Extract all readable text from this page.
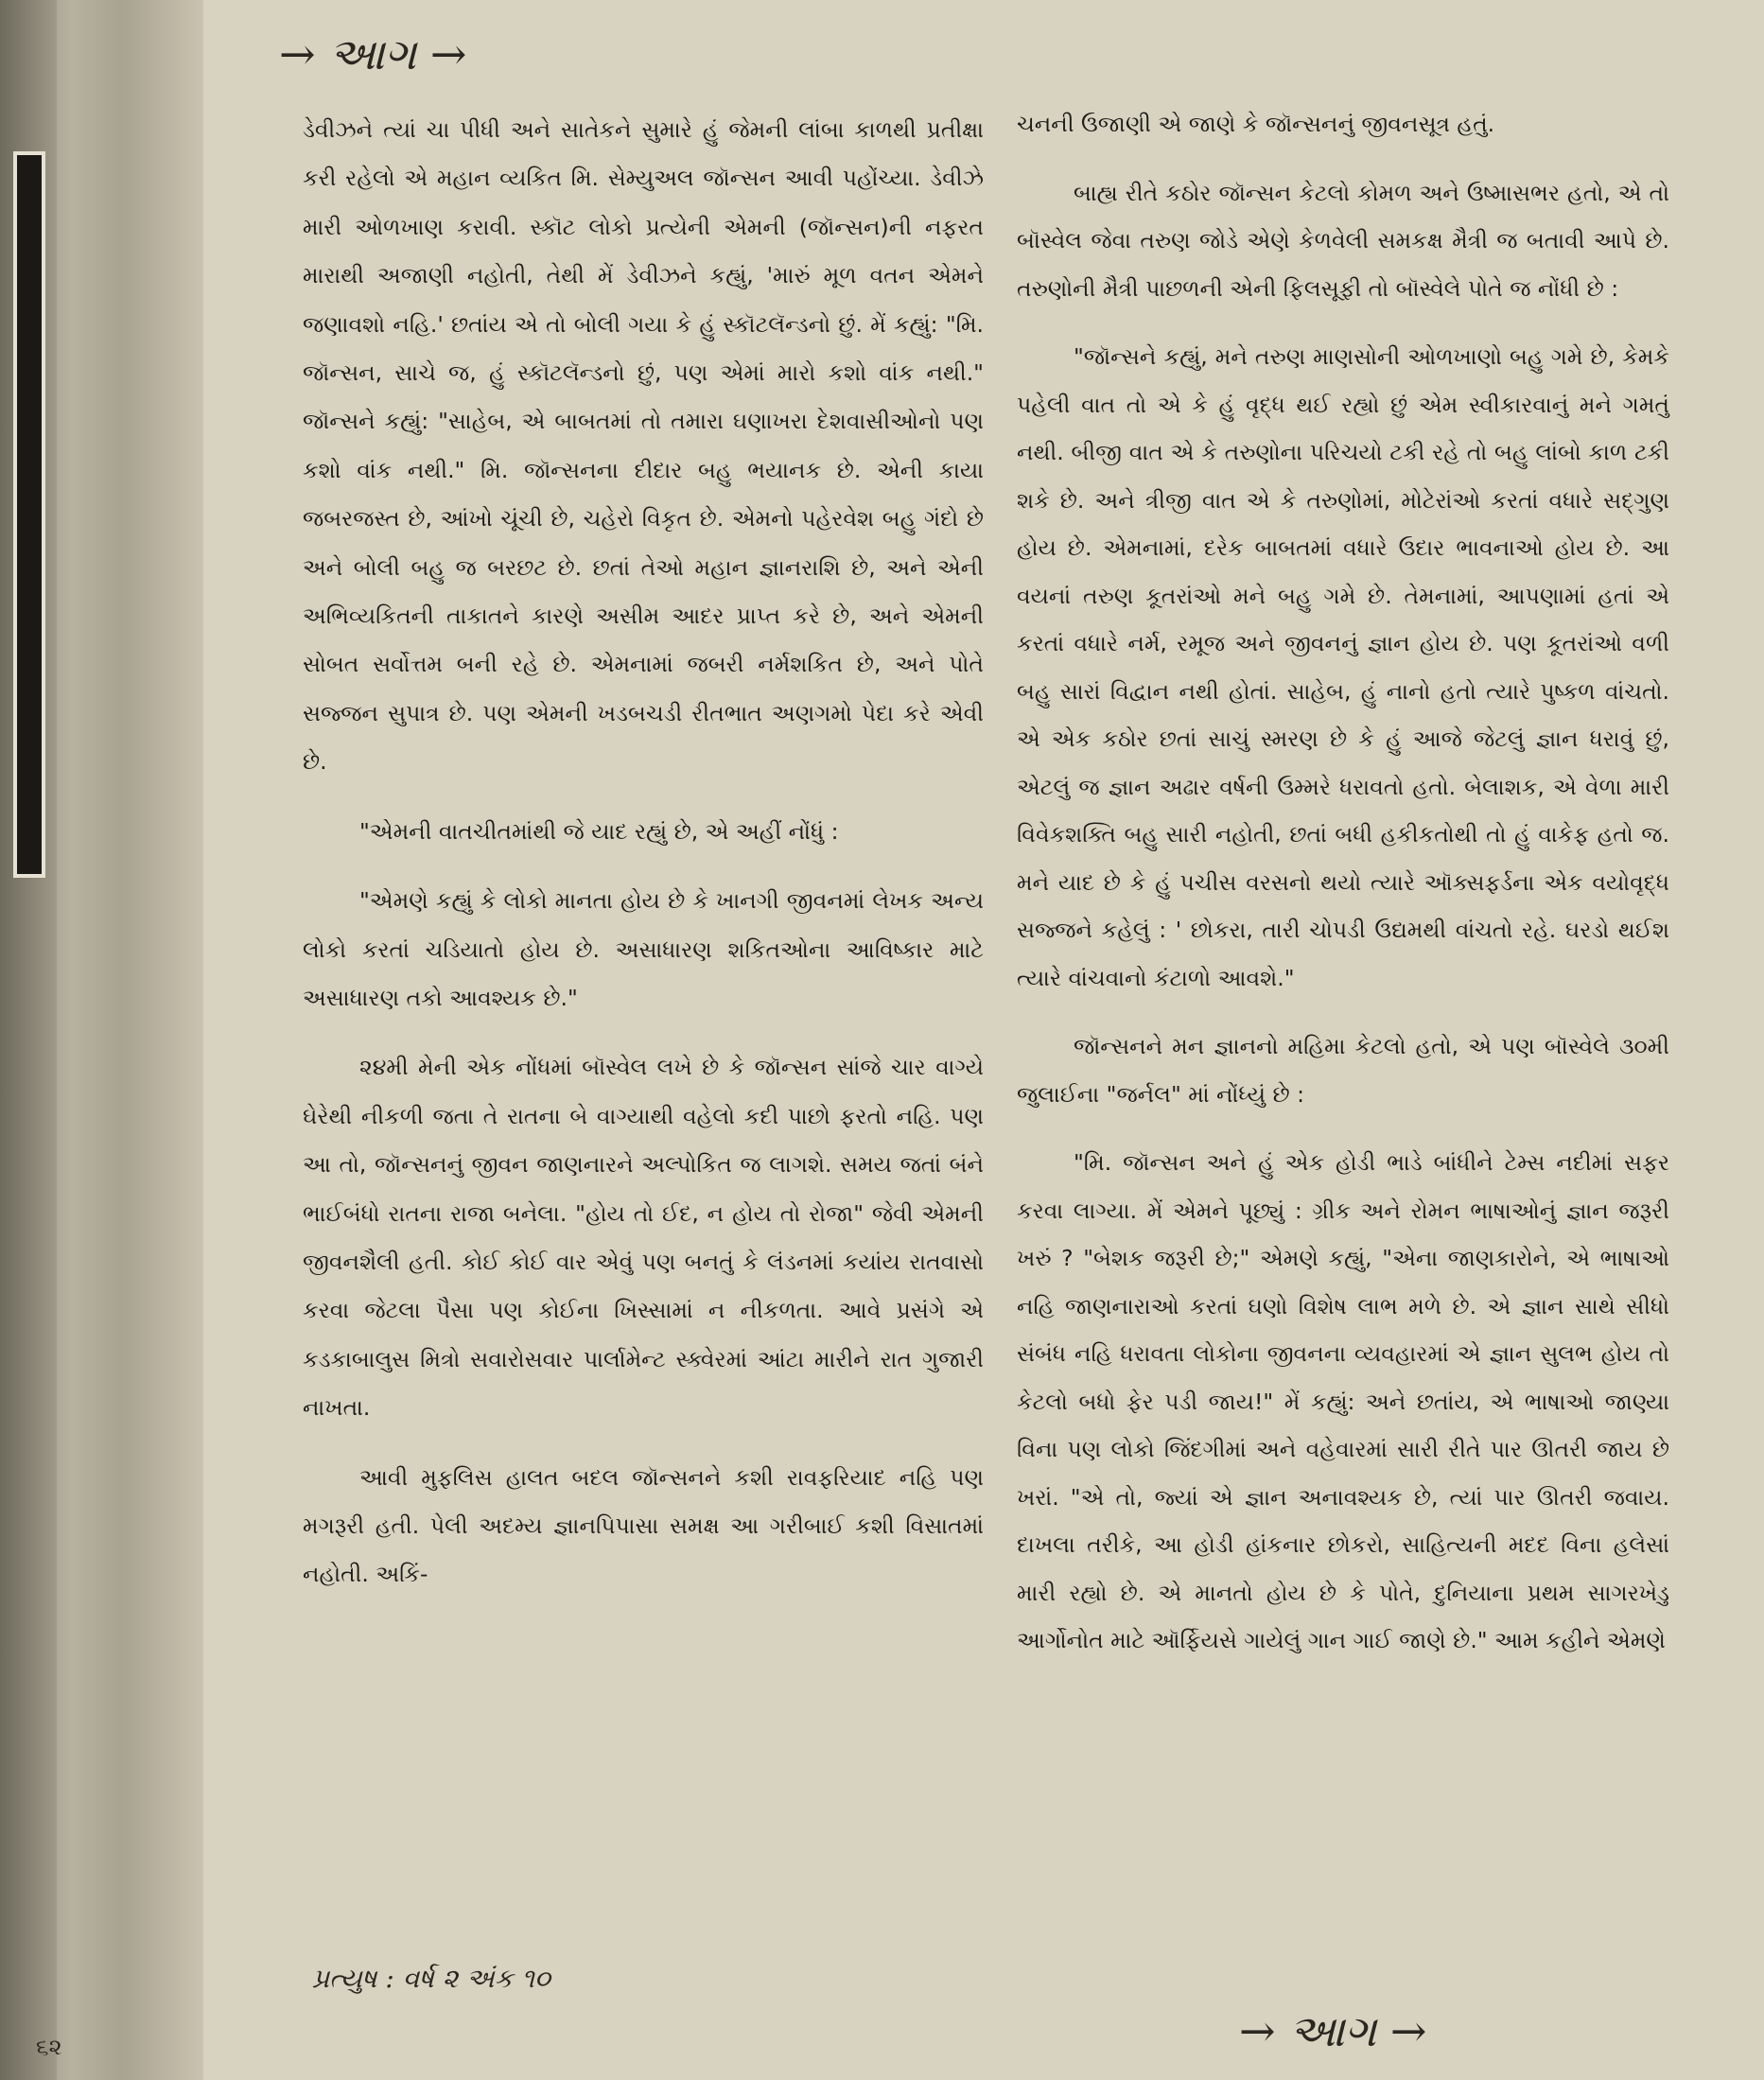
→ આગ →

ડેવીઝને ત્યાં ચા પીધી અને સાતેકને સુમારે હું જેમની લાંબા કાળથી પ્રતીક્ષા કરી રહેલો એ મહાન વ્યકિત મિ. સેમ્યુઅલ જૉન્સન આવી પહોંચ્યા. ડેવીઝે મારી ઓળખાણ કરાવી. સ્કૉટ લોકો પ્રત્યેની એમની (જૉન્સન)ની નફરત મારાથી અજાણી નહોતી, તેથી મેં ડેવીઝને કહ્યું, 'મારું મૂળ વતન એમને જણાવશો નહિ.' છતાંય એ તો બોલી ગયા કે હું સ્કૉટલૅન્ડનો છું. મેં કહ્યું: "મિ. જૉન્સન, સાચે જ, હું સ્કૉટલૅન્ડનો છું, પણ એમાં મારો કશો વાંક નથી." જૉન્સને કહ્યું: "સાહેબ, એ બાબતમાં તો તમારા ઘણાખરા દેશવાસીઓનો પણ કશો વાંક નથી." મિ. જૉન્સનના દીદાર બહુ ભયાનક છે. એની કાયા જબરજસ્ત છે, આંખો ચૂંચી છે, ચહેરો વિકૃત છે. એમનો પહેરવેશ બહુ ગંદો છે અને બોલી બહુ જ બરછટ છે. છતાં તેઓ મહાન જ્ઞાનરાશિ છે, અને એની અભિવ્યકિતની તાકાતને કારણે અસીમ આદર પ્રાપ્ત કરે છે, અને એમની સોબત સર્વોત્તમ બની રહે છે. એમનામાં જબરી નર્મશકિત છે, અને પોતે સજ્જન સુપાત્ર છે. પણ એમની ખડબચડી રીતભાત અણગમો પેદા કરે એવી છે.

"એમની વાતચીતમાંથી જે યાદ રહ્યું છે, એ અહીં નોંધું :

"એમણે કહ્યું કે લોકો માનતા હોય છે કે ખાનગી જીવનમાં લેખક અન્ય લોકો કરતાં ચડિયાતો હોય છે. અસાધારણ શકિતઓના આવિષ્કાર માટે અસાધારણ તકો આવશ્યક છે."

૨૪મી મેની એક નોંધમાં બૉસ્વેલ લખે છે કે જૉન્સન સાંજે ચાર વાગ્યે ઘેરેથી નીકળી જતા તે રાતના બે વાગ્યાથી વહેલો કદી પાછો ફરતો નહિ. પણ આ તો, જૉન્સનનું જીવન જાણનારને અલ્પોકિત જ લાગશે. સમય જતાં બંને ભાઈબંધો રાતના રાજા બનેલા. "હોય તો ઈદ, ન હોય તો રોજા" જેવી એમની જીવનશૈલી હતી. કોઈ કોઈ વાર એવું પણ બનતું કે લંડનમાં કયાંય રાતવાસો કરવા જેટલા પૈસા પણ કોઈના ખિસ્સામાં ન નીકળતા. આવે પ્રસંગે એ કડકાબાલુસ મિત્રો સવારોસવાર પાર્લામેન્ટ સ્ક્વેરમાં આંટા મારીને રાત ગુજારી નાખતા.

આવી મુફલિસ હાલત બદલ જૉન્સનને કશી રાવફરિયાદ નહિ પણ મગરૂરી હતી. પેલી અદમ્ય જ્ઞાનપિપાસા સમક્ષ આ ગરીબાઈ કશી વિસાતમાં નહોતી. અકિં-

ચનની ઉજાણી એ જાણે કે જૉન્સનનું જીવનસૂત્ર હતું.

બાહ્ય રીતે કઠોર જૉન્સન કેટલો કોમળ અને ઉષ્માસભર હતો, એ તો બૉસ્વેલ જેવા તરુણ જોડે એણે કેળવેલી સમકક્ષ મૈત્રી જ બતાવી આપે છે. તરુણોની મૈત્રી પાછળની એની ફિલસૂફી તો બૉસ્વેલે પોતે જ નોંધી છે :

"જૉન્સને કહ્યું, મને તરુણ માણસોની ઓળખાણો બહુ ગમે છે, કેમકે પહેલી વાત તો એ કે હું વૃદ્ધ થઈ રહ્યો છું એમ સ્વીકારવાનું મને ગમતું નથી. બીજી વાત એ કે તરુણોના પરિચયો ટકી રહે તો બહુ લાંબો કાળ ટકી શકે છે. અને ત્રીજી વાત એ કે તરુણોમાં, મોટેરાંઓ કરતાં વધારે સદ્ગુણ હોય છે. એમનામાં, દરેક બાબતમાં વધારે ઉદાર ભાવનાઓ હોય છે. આ વયનાં તરુણ કૂતરાંઓ મને બહુ ગમે છે. તેમનામાં, આપણામાં હતાં એ કરતાં વધારે નર્મ, રમૂજ અને જીવનનું જ્ઞાન હોય છે. પણ કૂતરાંઓ વળી બહુ સારાં વિદ્વાન નથી હોતાં. સાહેબ, હું નાનો હતો ત્યારે પુષ્કળ વાંચતો. એ એક કઠોર છતાં સાચું સ્મરણ છે કે હું આજે જેટલું જ્ઞાન ધરાવું છું, એટલું જ જ્ઞાન અઢાર વર્ષની ઉમ્મરે ધરાવતો હતો. બેલાશક, એ વેળા મારી વિવેકશક્તિ બહુ સારી નહોતી, છતાં બધી હકીકતોથી તો હું વાકેફ હતો જ. મને યાદ છે કે હું પચીસ વરસનો થયો ત્યારે ઑક્સફર્ડના એક વયોવૃદ્ધ સજ્જને કહેલું : ' છોકરા, તારી ચોપડી ઉદ્યમથી વાંચતો રહે. ઘરડો થઈશ ત્યારે વાંચવાનો કંટાળો આવશે."

જૉન્સનને મન જ્ઞાનનો મહિમા કેટલો હતો, એ પણ બૉસ્વેલે ૩૦મી જુલાઈના "જર્નલ" માં નોંધ્યું છે :

"મિ. જૉન્સન અને હું એક હોડી ભાડે બાંધીને ટેમ્સ નદીમાં સફર કરવા લાગ્યા. મેં એમને પૂછ્યું : ગ્રીક અને રોમન ભાષાઓનું જ્ઞાન જરૂરી ખરું ? "બેશક જરૂરી છે;" એમણે કહ્યું, "એના જાણકારોને, એ ભાષાઓ નહિ જાણનારાઓ કરતાં ઘણો વિશેષ લાભ મળે છે. એ જ્ઞાન સાથે સીધો સંબંધ નહિ ધરાવતા લોકોના જીવનના વ્યવહારમાં એ જ્ઞાન સુલભ હોય તો કેટલો બધો ફેર પડી જાય!" મેં કહ્યું: અને છતાંય, એ ભાષાઓ જાણ્યા વિના પણ લોકો જિંદગીમાં અને વહેવારમાં સારી રીતે પાર ઊતરી જાય છે ખરાં. "એ તો, જ્યાં એ જ્ઞાન અનાવશ્યક છે, ત્યાં પાર ઊતરી જવાય. દાખલા તરીકે, આ હોડી હાંકનાર છોકરો, સાહિત્યની મદદ વિના હલેસાં મારી રહ્યો છે. એ માનતો હોય છે કે પોતે, દુનિયાના પ્રથમ સાગરખેડુ આર્ગોનોત માટે ઑર્ફિયસે ગાયેલું ગાન ગાઈ જાણે છે." આમ કહીને એમણે

પ્રત્યુષ : વર્ષ ૨ અંક ૧૦
→ આગ →
૬૨
